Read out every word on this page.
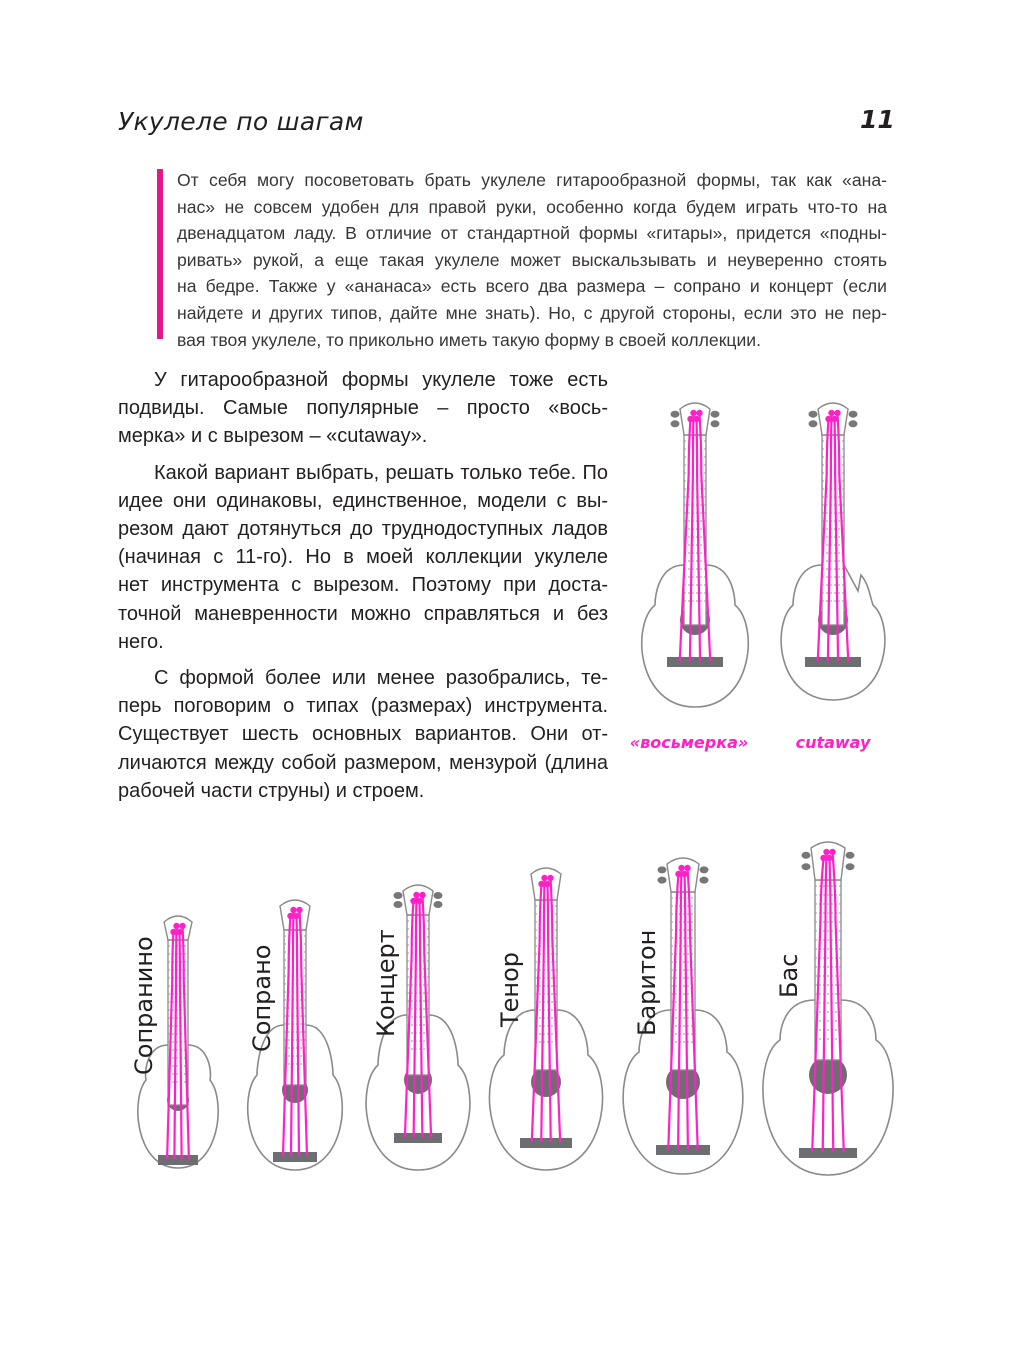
Укулеле по шагам	11

От себя могу посоветовать брать укулеле гитарообразной формы, так как «ана-
нас» не совсем удобен для правой руки, особенно когда будем играть что-то на
двенадцатом ладу. В отличие от стандартной формы «гитары», придется «подны-
ривать» рукой, а еще такая укулеле может выскальзывать и неуверенно стоять
на бедре. Также у «ананаса» есть всего два размера – сопрано и концерт (если
найдете и других типов, дайте мне знать). Но, с другой стороны, если это не пер-
вая твоя укулеле, то прикольно иметь такую форму в своей коллекции.

У гитарообразной формы укулеле тоже есть
подвиды. Самые популярные – просто «вось-
мерка» и с вырезом – «cutaway».

Какой вариант выбрать, решать только тебе. По
идее они одинаковы, единственное, модели с вы-
резом дают дотянуться до труднодоступных ладов
(начиная с 11-го). Но в моей коллекции укулеле
нет инструмента с вырезом. Поэтому при доста-
точной маневренности можно справляться и без
него.

С формой более или менее разобрались, те-
перь поговорим о типах (размерах) инструмента.
Существует шесть основных вариантов. Они от-
личаются между собой размером, мензурой (длина
рабочей части струны) и строем.

«восьмерка»	cutaway
Сопранино	Сопрано	Концерт	Тенор	Баритон	Бас
